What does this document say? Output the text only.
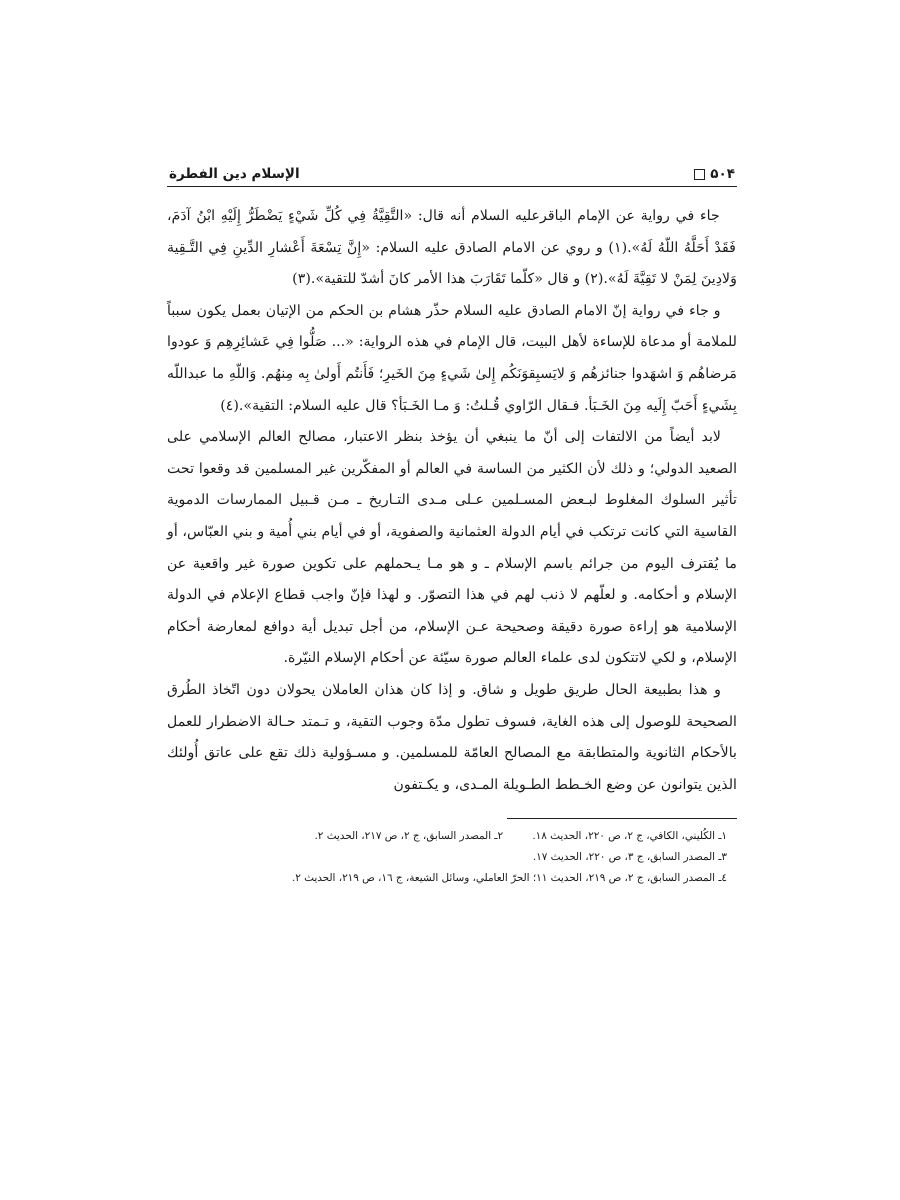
۵۰۴
الإسلام دين الفطرة

جاء في رواية عن الإمام الباقرعليه السلام أنه قال: «التَّقِيَّةُ فِي كُلِّ شَيْءٍ يَضْطَرُّ إِلَيْهِ ابْنُ آدَمَ، فَقَدْ أَحَلَّهُ اللّهُ لَهُ».(١) و روي عن الامام الصادق عليه السلام: «إِنَّ تِسْعَةَ أَعْشارِ الدِّينِ فِي التَّـقِية وَلادِينَ لِمَنْ لا تَقِيَّةَ لَهُ».(٢) و قال «كلّما تَقَارَبَ هذا الأمر كانَ أشدّ للتقية».(٣)

و جاء في رواية إنّ الامام الصادق عليه السلام حذّر هشام بن الحكم من الإتيان بعمل يكون سبباً للملامة أو مدعاة للإساءة لأهل البيت، قال الإمام في هذه الرواية: «... صَلُّوا فِي عَشائِرِهِم وَ عودوا مَرضاهُم وَ اشهَدوا جنائزهُم وَ لايَسبِقوَنَكُم إِلىٰ شَيءٍ مِنَ الخَيرِ؛ فَأَنتُم أَولىٰ بِه مِنهُم. وَاللّهِ ما عبداللّه بِشَيءٍ أَحَبّ إِلَيه مِنَ الخَـبَأ. فـقال الرّاوي قُـلتُ: وَ مـا الخَـبَأ؟ قال عليه السلام: التقية».(٤)

لابد أيضاً من الالتفات إلى أنّ ما ينبغي أن يؤخذ بنظر الاعتبار، مصالح العالم الإسلامي على الصعيد الدولي؛ و ذلك لأن الكثير من الساسة في العالم أو المفكّرين غير المسلمين قد وقعوا تحت تأثير السلوك المغلوط لبـعض المسـلمين عـلى مـدى التـاريخ ـ مـن قـبيل الممارسات الدموية القاسية التي كانت ترتكب في أيام الدولة العثمانية والصفوية، أو في أيام بني أُمية و بني العبّاس، أو ما يُقترف اليوم من جرائم باسم الإسلام ـ و هو مـا يـحملهم على تكوين صورة غير واقعية عن الإسلام و أحكامه. و لعلّهم لا ذنب لهم في هذا التصوّر. و لهذا فإنّ واجب قطاع الإعلام في الدولة الإسلامية هو إراءة صورة دقيقة وصحيحة عـن الإسلام، من أجل تبديل أية دوافع لمعارضة أحكام الإسلام، و لكي لاتتكون لدى علماء العالم صورة سيّئة عن أحكام الإسلام النيّرة.

و هذا بطبيعة الحال طريق طويل و شاق. و إذا كان هذان العاملان يحولان دون اتّخاذ الطُرق الصحيحة للوصول إلى هذه الغاية، فسوف تطول مدّة وجوب التقية، و تـمتد حـالة الاضطرار للعمل بالأحكام الثانوية والمتطابقة مع المصالح العامّة للمسلمين. و مسـؤولية ذلك تقع على عاتق أُولئك الذين يتوانون عن وضع الخـطط الطـويلة المـدى، و يكـتفون

١ـ الكُليني، الكافي، ج ٢، ص ٢٢٠، الحديث ١٨. ٢ـ المصدر السابق، ج ٢، ص ٢١٧، الحديث ٢.

٣ـ المصدر السابق، ج ٣، ص ٢٢٠، الحديث ١٧.

٤ـ المصدر السابق، ج ٢، ص ٢١٩، الحديث ١١؛ الحرّ العاملي، وسائل الشيعة، ج ١٦، ص ٢١٩، الحديث ٢.
